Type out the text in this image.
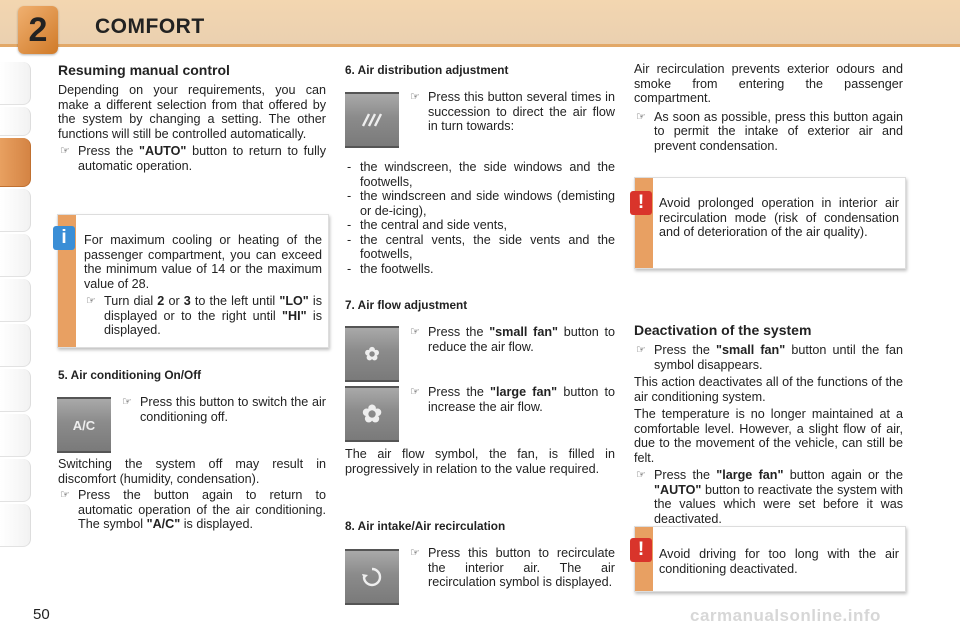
2	COMFORT
Resuming manual control

Depending on your requirements, you can make a different selection from that offered by the system by changing a setting. The other functions will still be controlled automatically.

☞ Press the "AUTO" button to return to fully automatic operation.

For maximum cooling or heating of the passenger compartment, you can exceed the minimum value of 14 or the maximum value of 28.

☞ Turn dial 2 or 3 to the left until "LO" is displayed or to the right until "HI" is displayed.

i
5. Air conditioning On/Off
A/C

☞ Press this button to switch the air conditioning off.

Switching the system off may result in discomfort (humidity, condensation).

☞ Press the button again to return to automatic operation of the air conditioning. The symbol "A/C" is displayed.

6. Air distribution adjustment

☞ Press this button several times in succession to direct the air flow in turn towards:

- the windscreen, the side windows and the footwells,
- the windscreen and side windows (demisting or de-icing),
- the central and side vents,
- the central vents, the side vents and the footwells,
- the footwells.
7. Air flow adjustment
✿

☞ Press the "small fan" button to reduce the air flow.

✿

☞ Press the "large fan" button to increase the air flow.

The air flow symbol, the fan, is filled in progressively in relation to the value required.

8. Air intake/Air recirculation

☞ Press this button to recirculate the interior air. The air recirculation symbol is displayed.

Air recirculation prevents exterior odours and smoke from entering the passenger compartment.

☞ As soon as possible, press this button again to permit the intake of exterior air and prevent condensation.

Avoid prolonged operation in interior air recirculation mode (risk of condensation and of deterioration of the air quality).

!
Deactivation of the system

☞ Press the "small fan" button until the fan symbol disappears.

This action deactivates all of the functions of the air conditioning system.

The temperature is no longer maintained at a comfortable level. However, a slight flow of air, due to the movement of the vehicle, can still be felt.

☞ Press the "large fan" button again or the "AUTO" button to reactivate the system with the values which were set before it was deactivated.

Avoid driving for too long with the air conditioning deactivated.

!
50	carmanualsonline.info
